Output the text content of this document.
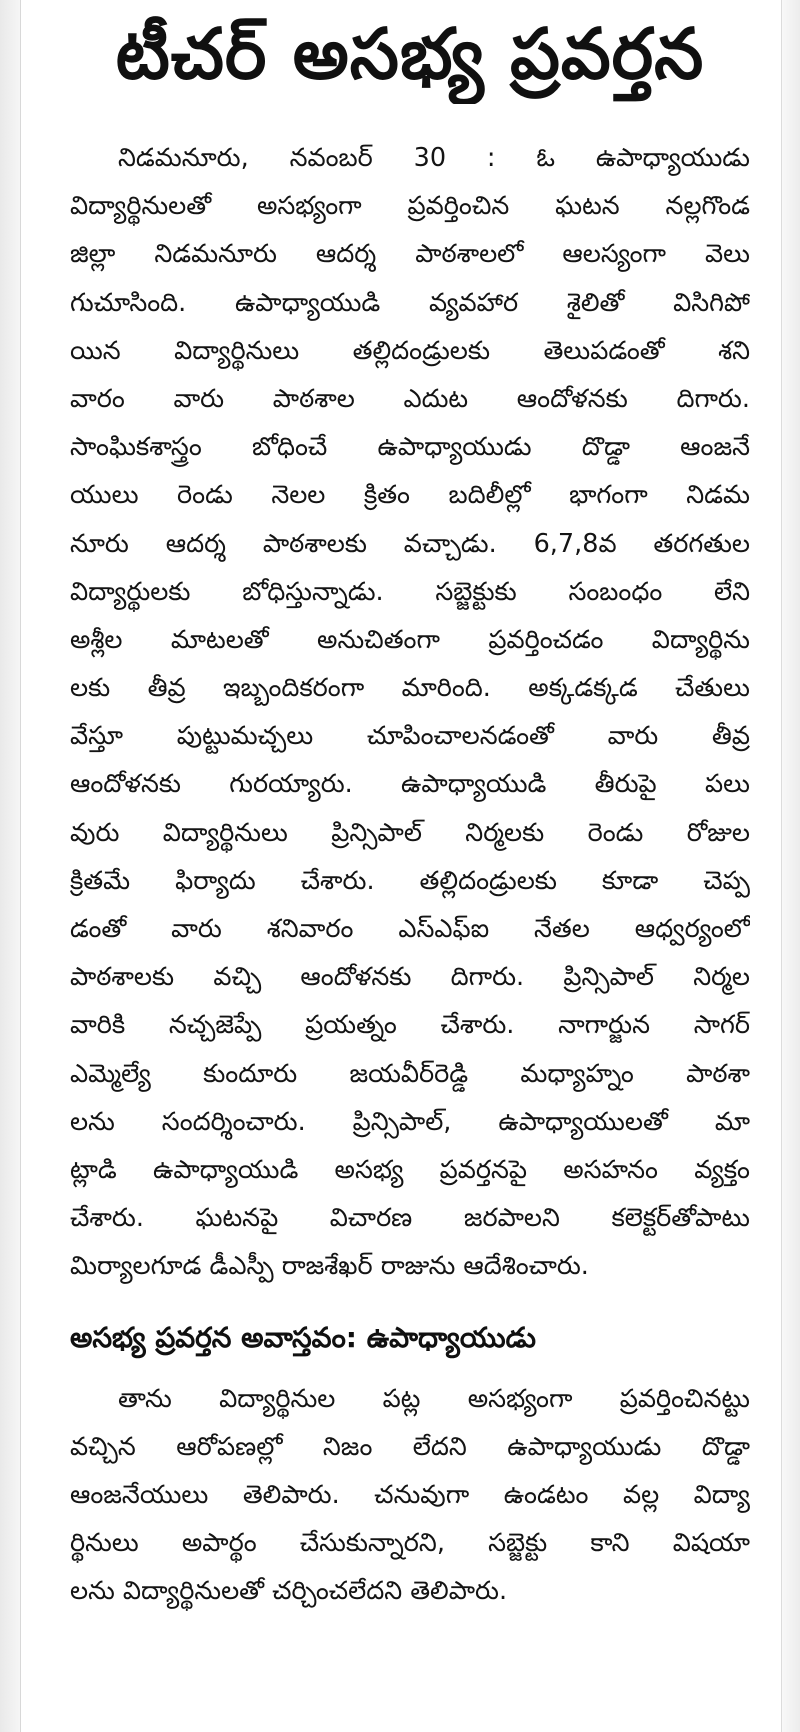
టీచర్ అసభ్య ప్రవర్తన
నిడమనూరు, నవంబర్ 30 : ఓ ఉపాధ్యాయుడు
విద్యార్థినులతో అసభ్యంగా ప్రవర్తించిన ఘటన నల్లగొండ
జిల్లా నిడమనూరు ఆదర్శ పాఠశాలలో ఆలస్యంగా వెలు
గుచూసింది. ఉపాధ్యాయుడి వ్యవహార శైలితో విసిగిపో
యిన విద్యార్థినులు తల్లిదండ్రులకు తెలుపడంతో శని
వారం వారు పాఠశాల ఎదుట ఆందోళనకు దిగారు.
సాంఘికశాస్త్రం బోధించే ఉపాధ్యాయుడు దొడ్డా ఆంజనే
యులు రెండు నెలల క్రితం బదిలీల్లో భాగంగా నిడమ
నూరు ఆదర్శ పాఠశాలకు వచ్చాడు. 6,7,8వ తరగతుల
విద్యార్థులకు బోధిస్తున్నాడు. సబ్జెక్టుకు సంబంధం లేని
అశ్లీల మాటలతో అనుచితంగా ప్రవర్తించడం విద్యార్థిను
లకు తీవ్ర ఇబ్బందికరంగా మారింది. అక్కడక్కడ చేతులు
వేస్తూ పుట్టుమచ్చలు చూపించాలనడంతో వారు తీవ్ర
ఆందోళనకు గురయ్యారు. ఉపాధ్యాయుడి తీరుపై పలు
వురు విద్యార్థినులు ప్రిన్సిపాల్ నిర్మలకు రెండు రోజుల
క్రితమే ఫిర్యాదు చేశారు. తల్లిదండ్రులకు కూడా చెప్ప
డంతో వారు శనివారం ఎస్ఎఫ్ఐ నేతల ఆధ్వర్యంలో
పాఠశాలకు వచ్చి ఆందోళనకు దిగారు. ప్రిన్సిపాల్ నిర్మల
వారికి నచ్చజెప్పే ప్రయత్నం చేశారు. నాగార్జున సాగర్
ఎమ్మెల్యే కుందూరు జయవీర్‌రెడ్డి మధ్యాహ్నం పాఠశా
లను సందర్శించారు. ప్రిన్సిపాల్, ఉపాధ్యాయులతో మా
ట్లాడి ఉపాధ్యాయుడి అసభ్య ప్రవర్తనపై అసహనం వ్యక్తం
చేశారు. ఘటనపై విచారణ జరపాలని కలెక్టర్‌తోపాటు
మిర్యాలగూడ డీఎస్పీ రాజశేఖర్ రాజును ఆదేశించారు.
అసభ్య ప్రవర్తన అవాస్తవం: ఉపాధ్యాయుడు
తాను విద్యార్థినుల పట్ల అసభ్యంగా ప్రవర్తించినట్టు
వచ్చిన ఆరోపణల్లో నిజం లేదని ఉపాధ్యాయుడు దొడ్డా
ఆంజనేయులు తెలిపారు. చనువుగా ఉండటం వల్ల విద్యా
ర్థినులు అపార్థం చేసుకున్నారని, సబ్జెక్టు కాని విషయా
లను విద్యార్థినులతో చర్చించలేదని తెలిపారు.
